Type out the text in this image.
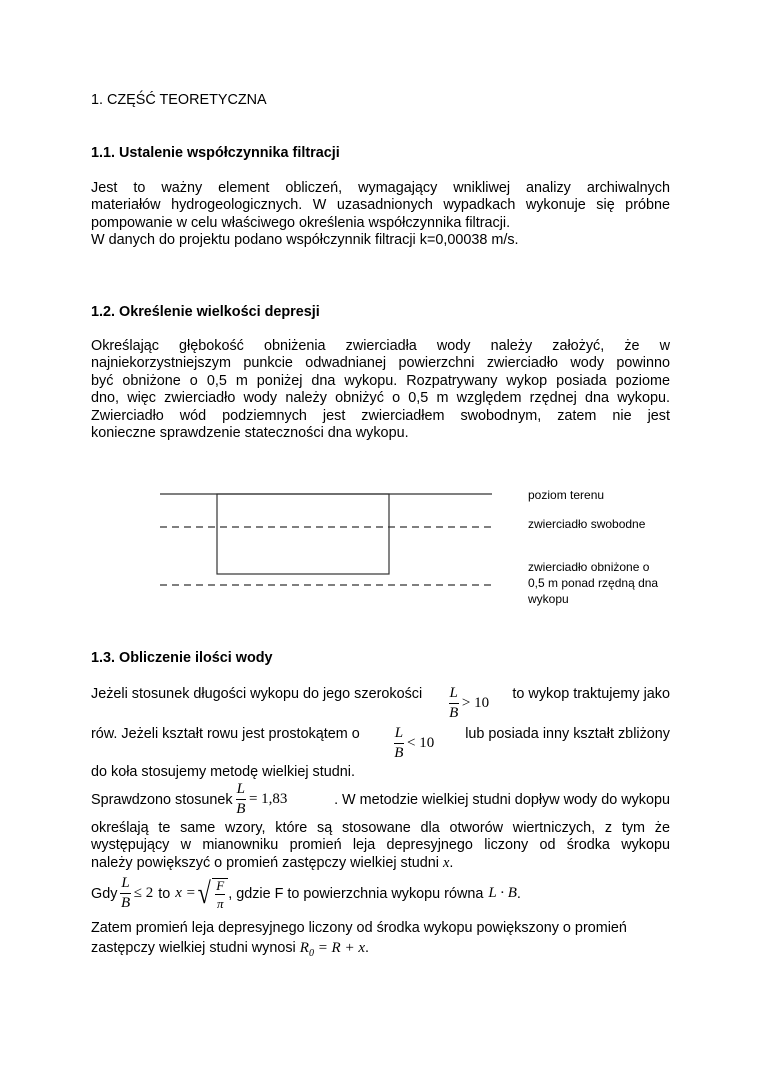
1. CZĘŚĆ TEORETYCZNA
1.1. Ustalenie współczynnika filtracji
Jest to ważny element obliczeń, wymagający wnikliwej analizy archiwalnych
materiałów hydrogeologicznych. W uzasadnionych wypadkach wykonuje się próbne
pompowanie w celu właściwego określenia współczynnika filtracji.
W danych do projektu podano współczynnik filtracji k=0,00038 m/s.
1.2. Określenie wielkości depresji
Określając głębokość obniżenia zwierciadła wody należy założyć, że w
najniekorzystniejszym punkcie odwadnianej powierzchni zwierciadło wody powinno
być obniżone o 0,5 m poniżej dna wykopu. Rozpatrywany wykop posiada poziome
dno, więc zwierciadło wody należy obniżyć o 0,5 m względem rzędnej dna wykopu.
Zwierciadło wód podziemnych jest zwierciadłem swobodnym, zatem nie jest
konieczne sprawdzenie stateczności dna wykopu.
poziom terenu
zwierciadło swobodne
zwierciadło obniżone o
0,5 m ponad rzędną dna
wykopu
1.3. Obliczenie ilości wody
Jeżeli stosunek długości wykopu do jego szerokości $\frac{L}{B} > 10$
to wykop traktujemy jako
rów. Jeżeli kształt rowu jest prostokątem o $\frac{L}{B} < 10$
lub posiada inny kształt zbliżony
do koła stosujemy metodę wielkiej studni.
Sprawdzono stosunek $\frac{L}{B} = 1,83$	. W metodzie wielkiej studni dopływ wody do wykopu
określają te same wzory, które są stosowane dla otworów wiertniczych, z tym że
występujący w mianowniku promień leja depresyjnego liczony od środka wykopu
należy powiększyć o promień zastępczy wielkiej studni x.
Gdy $\frac{L}{B} \le 2$ to x = √ $\frac{F}{\pi}$ , gdzie F to powierzchnia wykopu równa L · B .
Zatem promień leja depresyjnego liczony od środka wykopu powiększony o promień
zastępczy wielkiej studni wynosi $R_0 = R + x$.
